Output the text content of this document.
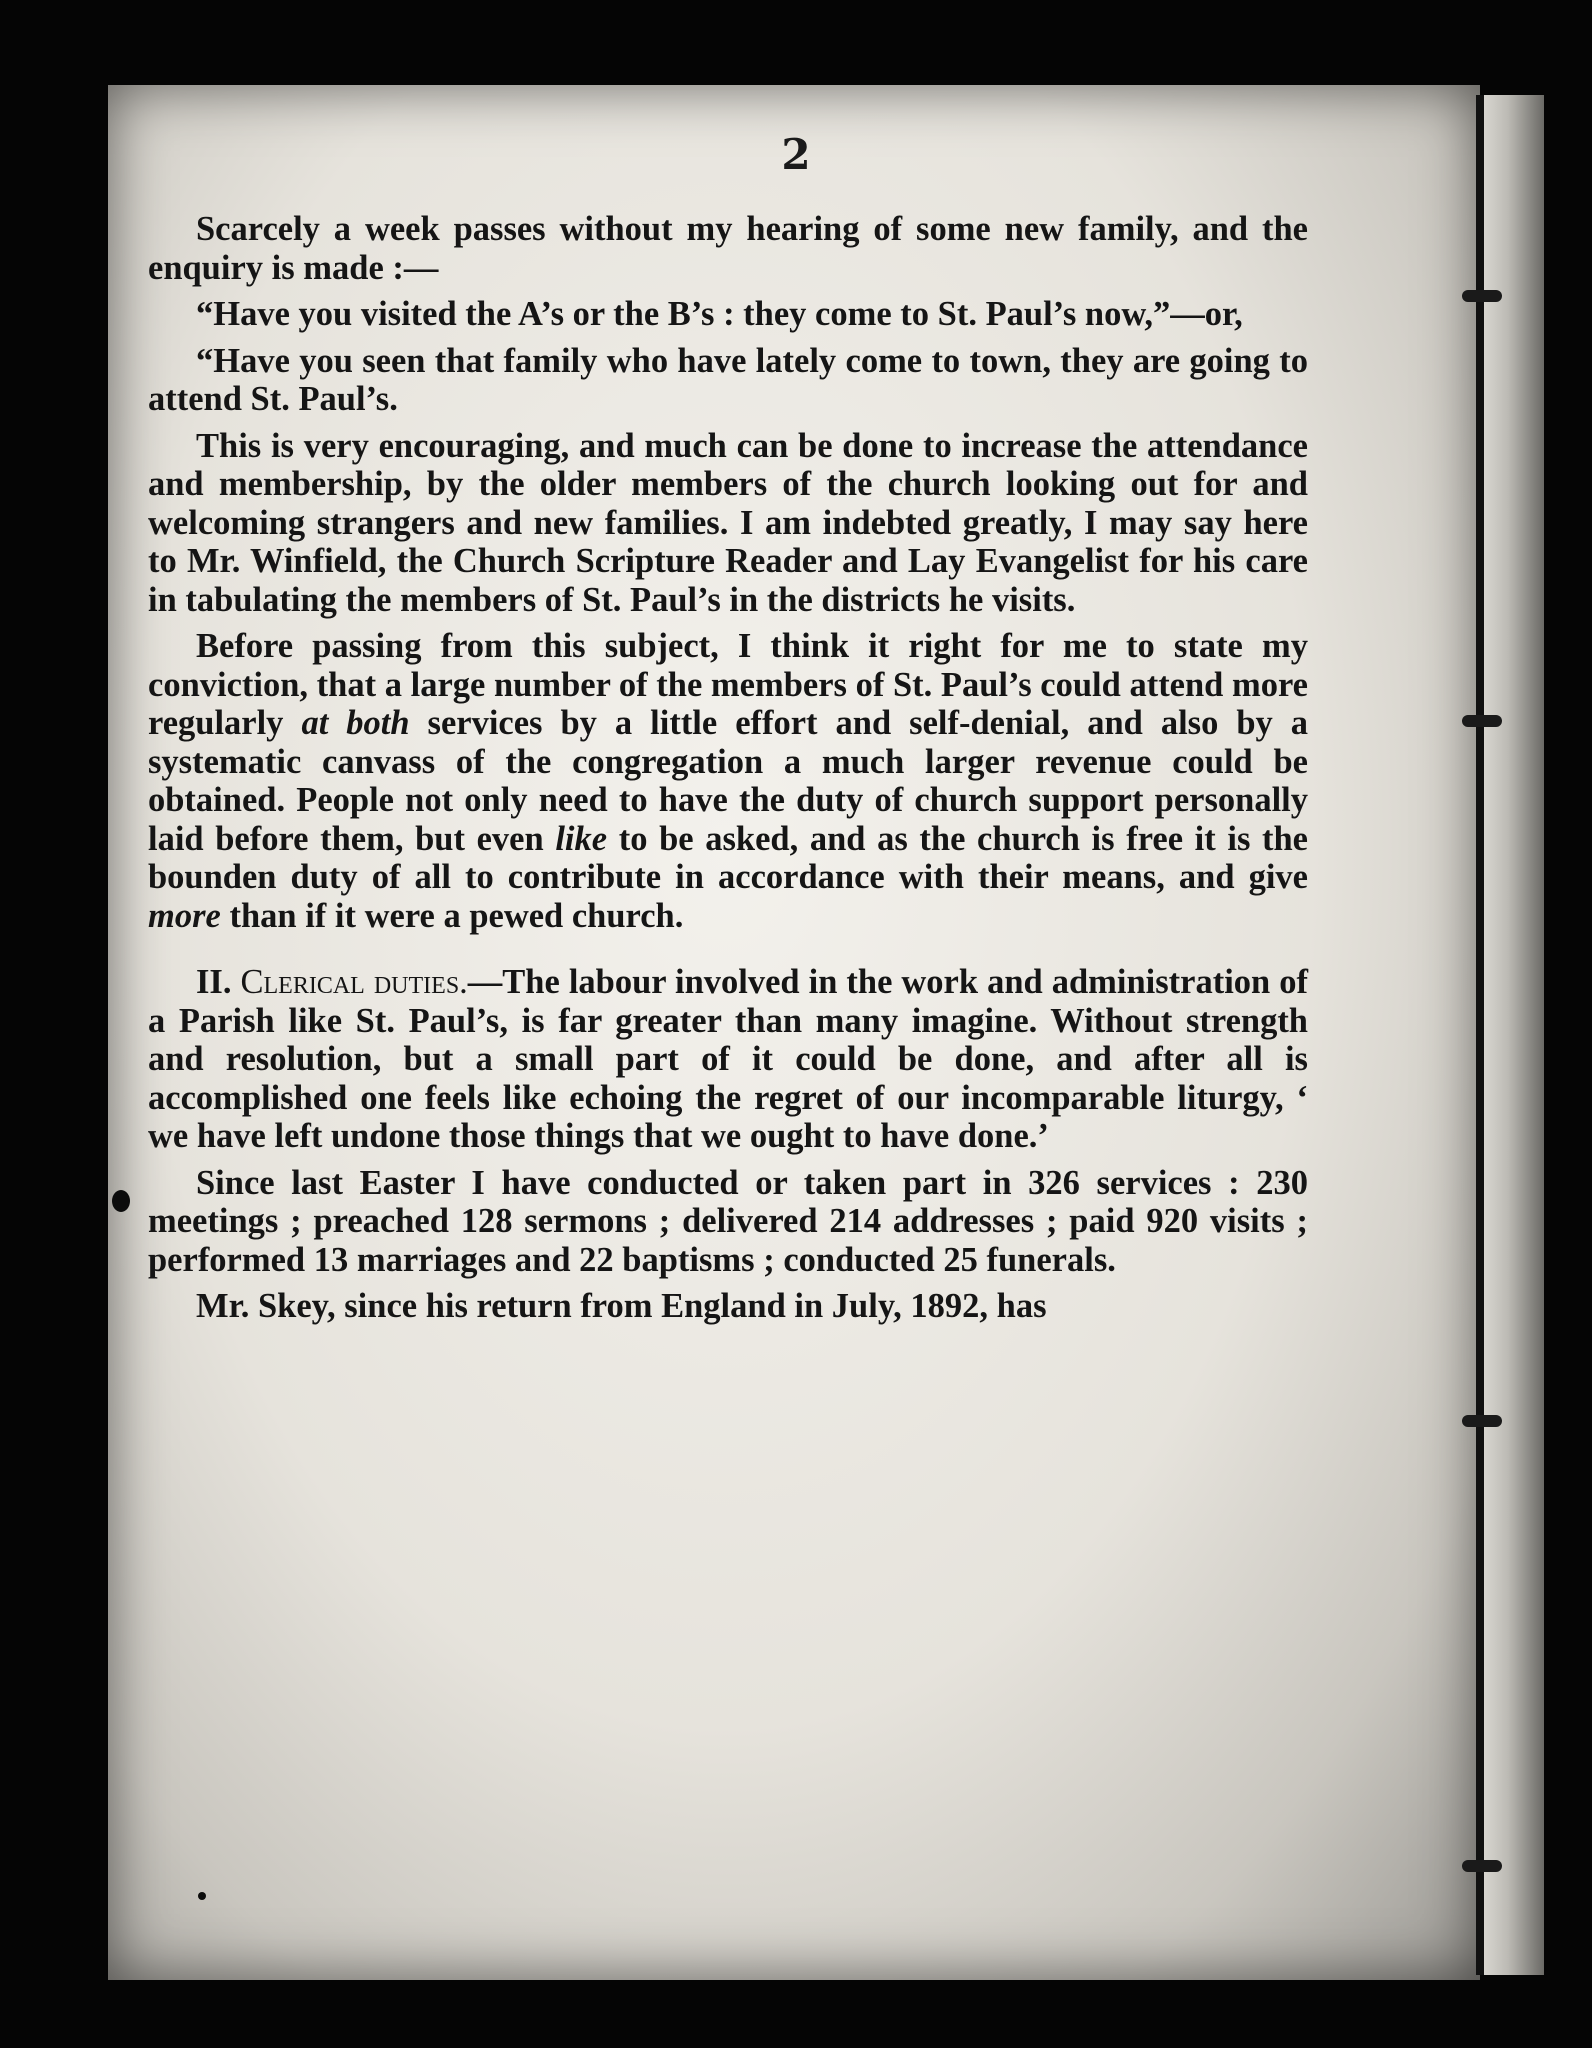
2

Scarcely a week passes without my hearing of some new family, and the enquiry is made :—

“Have you visited the A’s or the B’s : they come to St. Paul’s now,”—or,

“Have you seen that family who have lately come to town, they are going to attend St. Paul’s.

This is very encouraging, and much can be done to increase the attendance and membership, by the older members of the church looking out for and welcoming strangers and new families. I am indebted greatly, I may say here to Mr. Winfield, the Church Scripture Reader and Lay Evangelist for his care in tabulating the members of St. Paul’s in the districts he visits.

Before passing from this subject, I think it right for me to state my conviction, that a large number of the members of St. Paul’s could attend more regularly at both services by a little effort and self-denial, and also by a systematic canvass of the congregation a much larger revenue could be obtained. People not only need to have the duty of church support personally laid before them, but even like to be asked, and as the church is free it is the bounden duty of all to contribute in accordance with their means, and give more than if it were a pewed church.

II. Clerical duties.—The labour involved in the work and administration of a Parish like St. Paul’s, is far greater than many imagine. Without strength and resolution, but a small part of it could be done, and after all is accomplished one feels like echoing the regret of our incomparable liturgy, ‘ we have left undone those things that we ought to have done.’

Since last Easter I have conducted or taken part in 326 services : 230 meetings ; preached 128 sermons ; delivered 214 addresses ; paid 920 visits ; performed 13 marriages and 22 baptisms ; conducted 25 funerals.

Mr. Skey, since his return from England in July, 1892, has
